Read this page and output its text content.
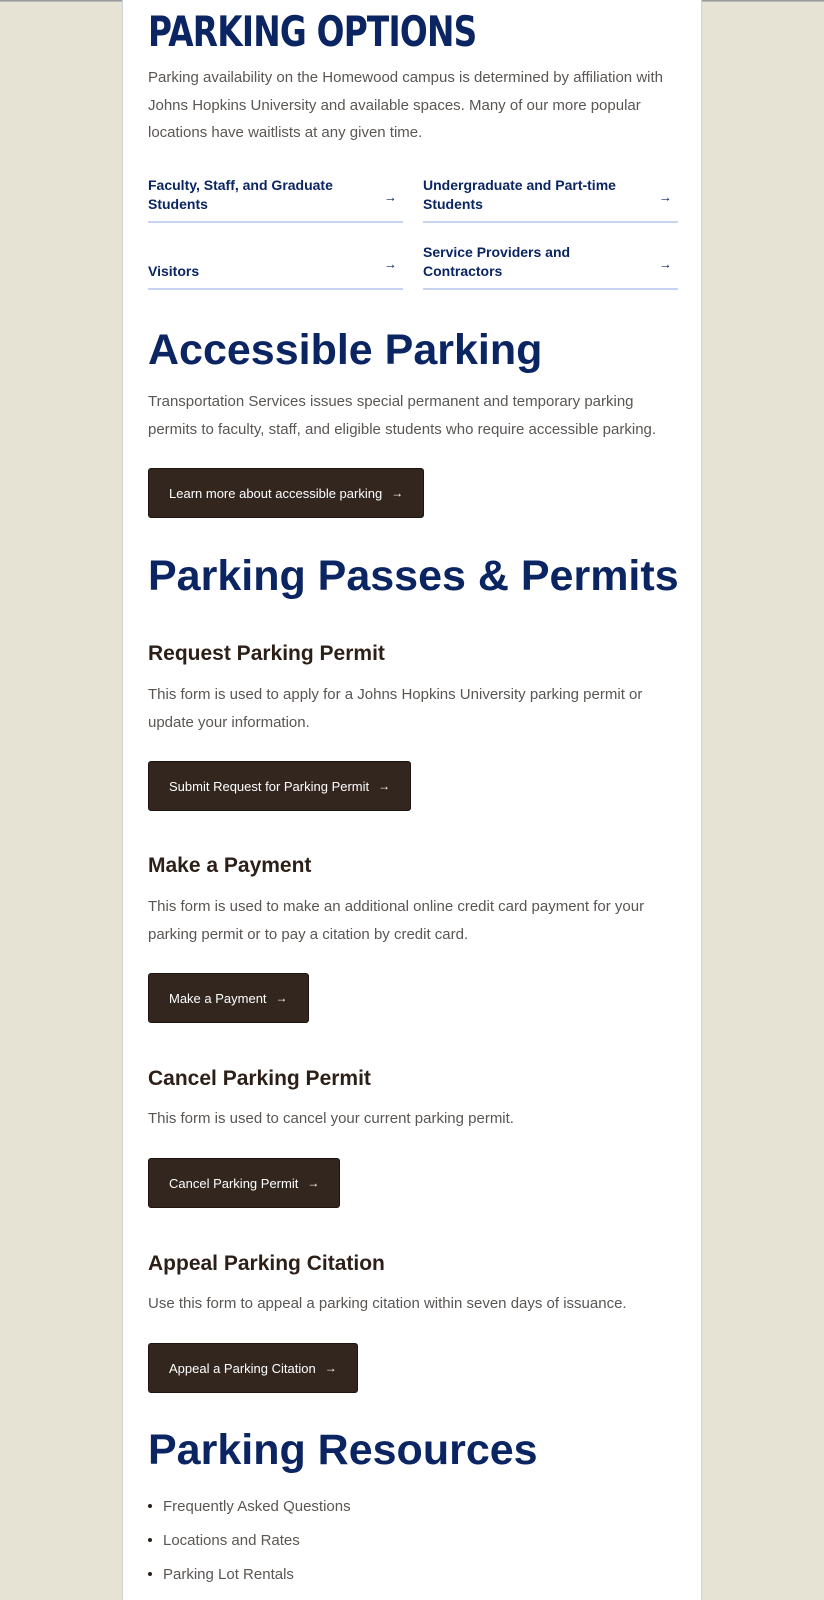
PARKING OPTIONS

Parking availability on the Homewood campus is determined by affiliation with Johns Hopkins University and available spaces. Many of our more popular locations have waitlists at any given time.

Faculty, Staff, and Graduate Students	→
Undergraduate and Part-time Students	→
Visitors	→
Service Providers and Contractors	→
Accessible Parking

Transportation Services issues special permanent and temporary parking permits to faculty, staff, and eligible students who require accessible parking.

Learn more about accessible parking →
Parking Passes & Permits
Request Parking Permit

This form is used to apply for a Johns Hopkins University parking permit or update your information.

Submit Request for Parking Permit →
Make a Payment

This form is used to make an additional online credit card payment for your parking permit or to pay a citation by credit card.

Make a Payment →
Cancel Parking Permit

This form is used to cancel your current parking permit.

Cancel Parking Permit →
Appeal Parking Citation

Use this form to appeal a parking citation within seven days of issuance.

Appeal a Parking Citation →
Parking Resources
Frequently Asked Questions
Locations and Rates
Parking Lot Rentals
